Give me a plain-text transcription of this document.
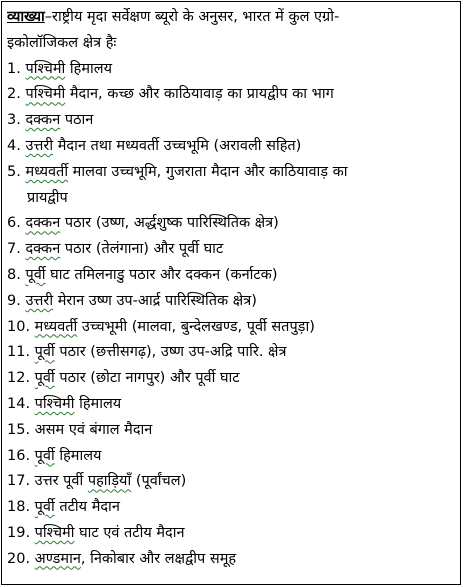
व्याख्या–राष्ट्रीय मृदा सर्वेक्षण ब्यूरो के अनुसर, भारत में कुल एग्रो-
इकोलॉजिकल क्षेत्र हैः
1. पश्चिमी हिमालय
2. पश्चिमी मैदान, कच्छ और काठियावाड़ का प्रायद्वीप का भाग
3. दक्कन पठान
4. उत्तरी मैदान तथा मध्यवर्ती उच्चभूमि (अरावली सहित)
5. मध्यवर्ती मालवा उच्चभूमि, गुजराता मैदान और काठियावाड़ का
प्रायद्वीप
6. दक्कन पठार (उष्ण, अर्द्धशुष्क पारिस्थितिक क्षेत्र)
7. दक्कन पठार (तेलंगाना) और पूर्वी घाट
8. पूर्वी घाट तमिलनाडु पठार और दक्कन (कर्नाटक)
9. उत्तरी मेरान उष्ण उप-आर्द्र पारिस्थितिक क्षेत्र)
10. मध्यवर्ती उच्चभूमी (मालवा, बुन्देलखण्ड, पूर्वी सतपुड़ा)
11. पूर्वी पठार (छत्तीसगढ़), उष्ण उप-अद्रि पारि. क्षेत्र
12. पूर्वी पठार (छोटा नागपुर) और पूर्वी घाट
14. पश्चिमी हिमालय
15. असम एवं बंगाल मैदान
16. पूर्वी हिमालय
17. उत्तर पूर्वी पहाड़ियाँ (पूर्वांचल)
18. पूर्वी तटीय मैदान
19. पश्चिमी घाट एवं तटीय मैदान
20. अण्डमान, निकोबार और लक्षद्वीप समूह
